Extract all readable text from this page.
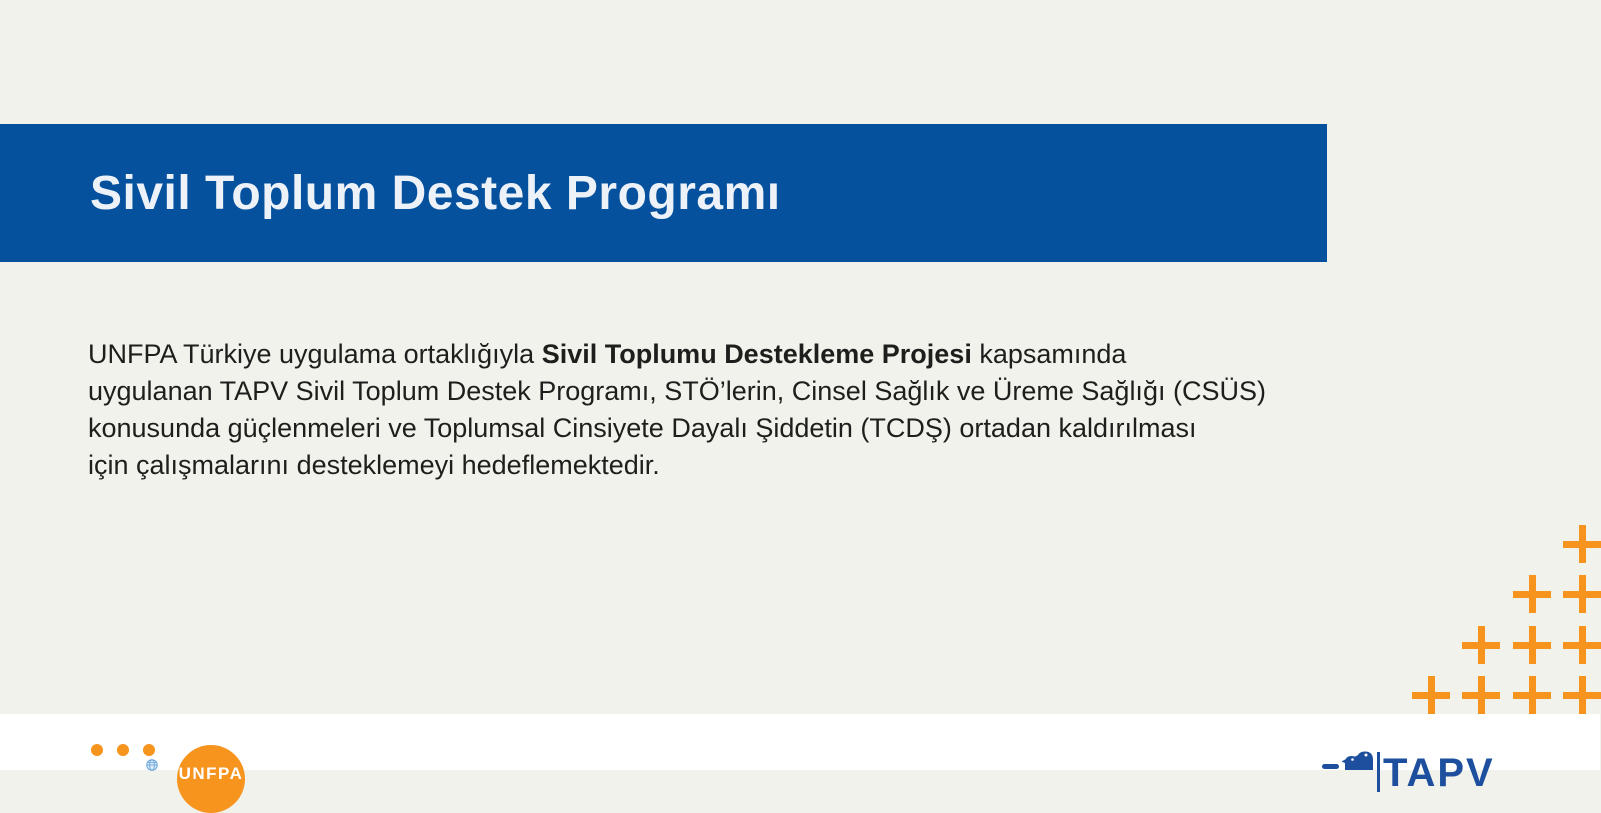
Sivil Toplum Destek Programı
UNFPA Türkiye uygulama ortaklığıyla Sivil Toplumu Destekleme Projesi kapsamında
uygulanan TAPV Sivil Toplum Destek Programı, STÖ’lerin, Cinsel Sağlık ve Üreme Sağlığı (CSÜS)
konusunda güçlenmeleri ve Toplumsal Cinsiyete Dayalı Şiddetin (TCDŞ) ortadan kaldırılması
için çalışmalarını desteklemeyi hedeflemektedir.
UNFPA	TAPV
